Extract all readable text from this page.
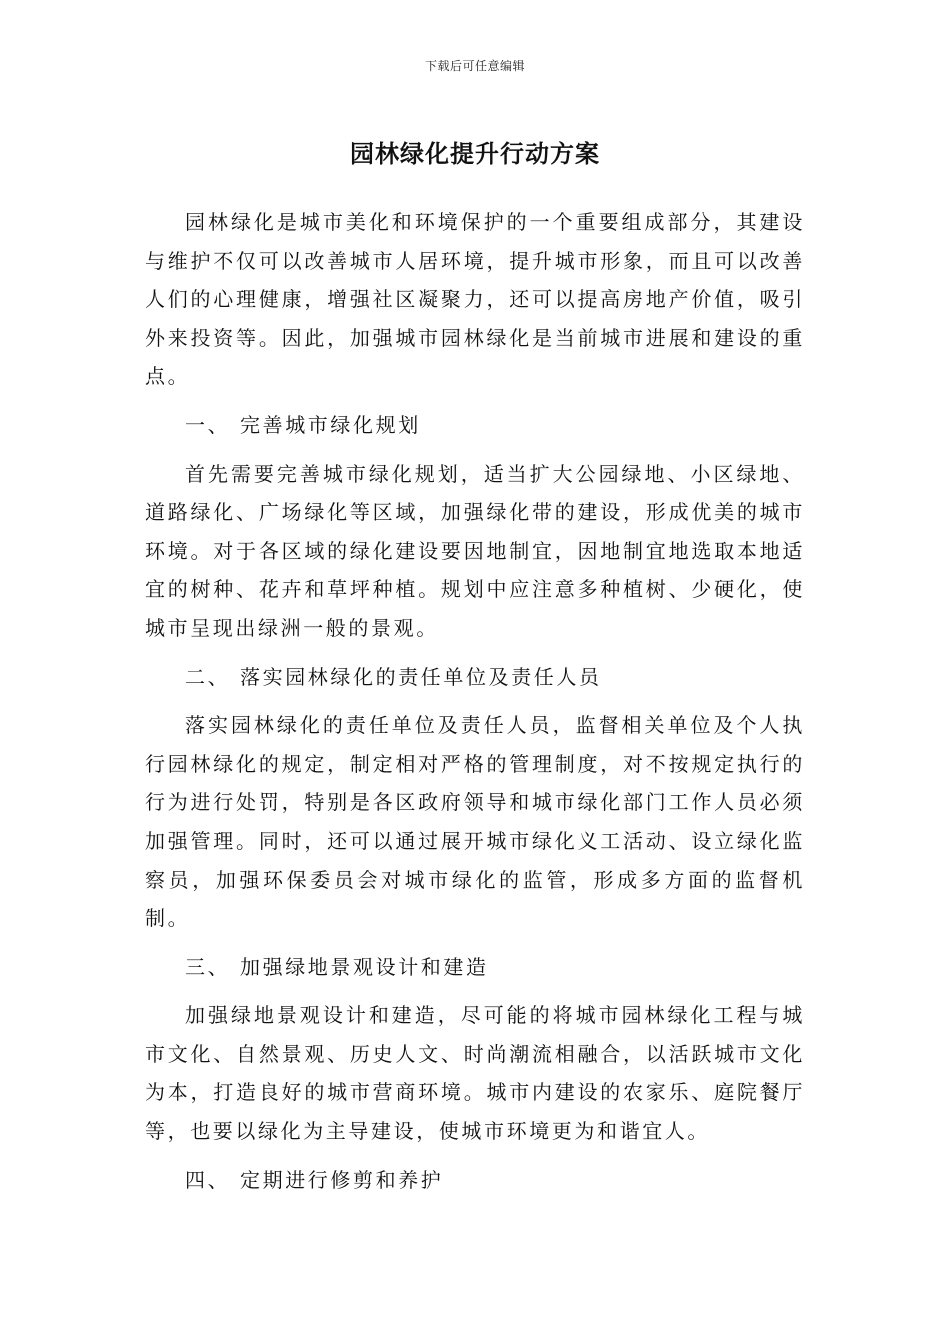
下载后可任意编辑
园林绿化提升行动方案

园林绿化是城市美化和环境保护的一个重要组成部分，其建设与维护不仅可以改善城市人居环境，提升城市形象，而且可以改善人们的心理健康，增强社区凝聚力，还可以提高房地产价值，吸引外来投资等。因此，加强城市园林绿化是当前城市进展和建设的重点。

一、 完善城市绿化规划

首先需要完善城市绿化规划，适当扩大公园绿地、小区绿地、道路绿化、广场绿化等区域，加强绿化带的建设，形成优美的城市环境。对于各区域的绿化建设要因地制宜，因地制宜地选取本地适宜的树种、花卉和草坪种植。规划中应注意多种植树、少硬化，使城市呈现出绿洲一般的景观。

二、 落实园林绿化的责任单位及责任人员

落实园林绿化的责任单位及责任人员，监督相关单位及个人执行园林绿化的规定，制定相对严格的管理制度，对不按规定执行的行为进行处罚，特别是各区政府领导和城市绿化部门工作人员必须加强管理。同时，还可以通过展开城市绿化义工活动、设立绿化监察员，加强环保委员会对城市绿化的监管，形成多方面的监督机制。

三、 加强绿地景观设计和建造

加强绿地景观设计和建造，尽可能的将城市园林绿化工程与城市文化、自然景观、历史人文、时尚潮流相融合，以活跃城市文化为本，打造良好的城市营商环境。城市内建设的农家乐、庭院餐厅等，也要以绿化为主导建设，使城市环境更为和谐宜人。

四、 定期进行修剪和养护
